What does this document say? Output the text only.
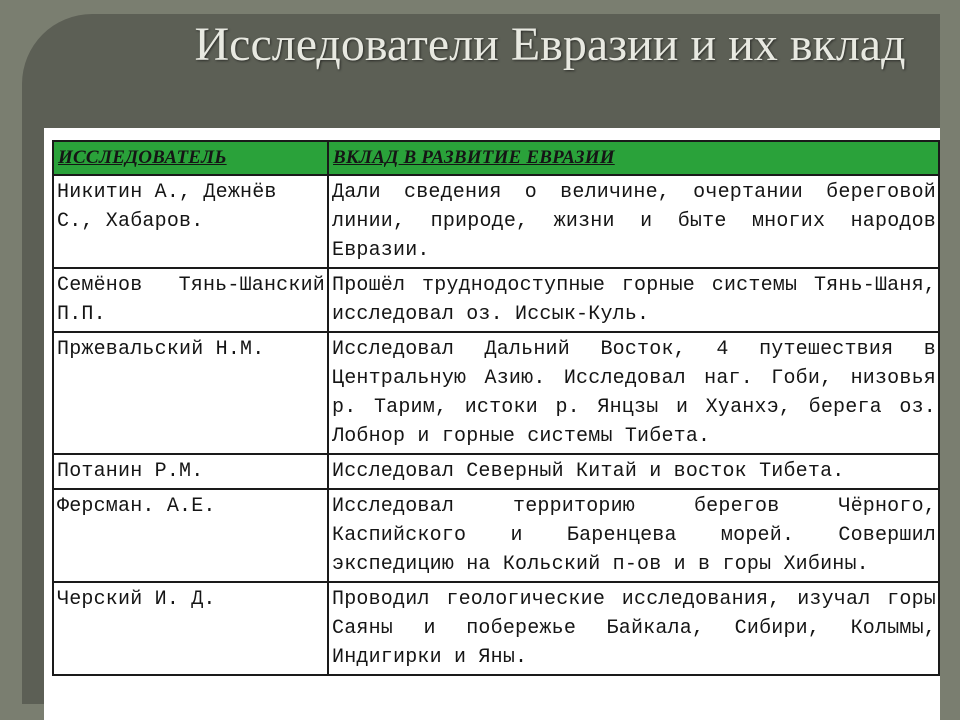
Исследователи Евразии и их вклад
ИССЛЕДОВАТЕЛЬ	ВКЛАД В РАЗВИТИЕ ЕВРАЗИИ
Никитин А., Дежнёв С., Хабаров.	Дали сведения о величине, очертании береговой линии, природе, жизни и быте многих народов Евразии.
Семёнов Тянь-Шанский П.П.	Прошёл труднодоступные горные системы Тянь-Шаня, исследовал оз. Иссык-Куль.
Пржевальский Н.М.	Исследовал Дальний Восток, 4 путешествия в Центральную Азию. Исследовал наг. Гоби, низовья р. Тарим, истоки р. Янцзы и Хуанхэ, берега оз. Лобнор и горные системы Тибета.
Потанин Р.М.	Исследовал Северный Китай и восток Тибета.
Ферсман. А.Е.	Исследовал территорию берегов Чёрного, Каспийского и Баренцева морей. Совершил экспедицию на Кольский п-ов и в горы Хибины.
Черский И. Д.	Проводил геологические исследования, изучал горы Саяны и побережье Байкала, Сибири, Колымы, Индигирки и Яны.
